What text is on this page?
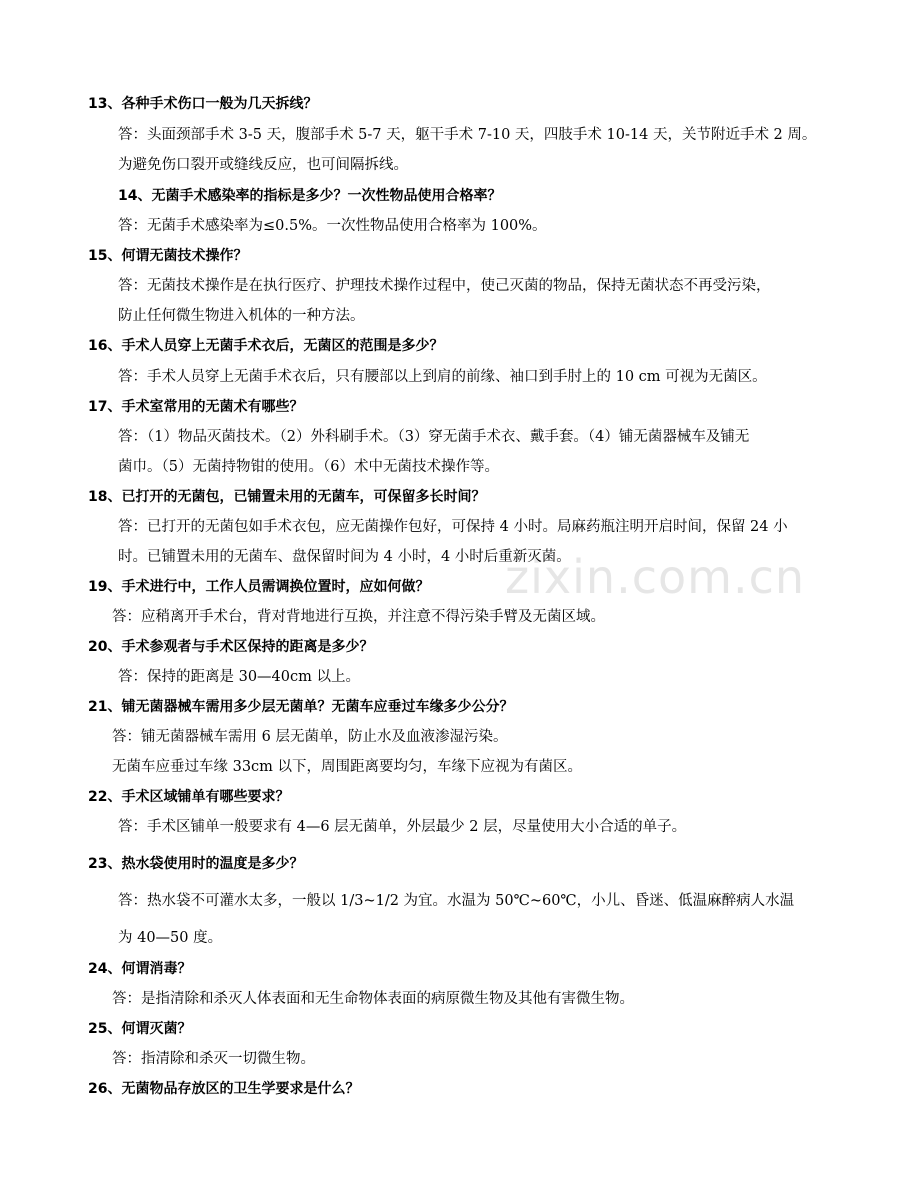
zixin.com.cn
13、各种手术伤口一般为几天拆线？
答：头面颈部手术 3-5 天，腹部手术 5-7 天，躯干手术 7-10 天，四肢手术 10-14 天，关节附近手术 2 周。
为避免伤口裂开或缝线反应，也可间隔拆线。
14、无菌手术感染率的指标是多少？一次性物品使用合格率？
答：无菌手术感染率为≤0.5%。一次性物品使用合格率为 100%。
15、何谓无菌技术操作？
答：无菌技术操作是在执行医疗、护理技术操作过程中，使己灭菌的物品，保持无菌状态不再受污染，
防止任何微生物进入机体的一种方法。
16、手术人员穿上无菌手术衣后，无菌区的范围是多少？
答：手术人员穿上无菌手术衣后，只有腰部以上到肩的前缘、袖口到手肘上的 10 cm 可视为无菌区。
17、手术室常用的无菌术有哪些？
答：（1）物品灭菌技术。（2）外科刷手术。（3）穿无菌手术衣、戴手套。（4）铺无菌器械车及铺无
菌巾。（5）无菌持物钳的使用。（6）术中无菌技术操作等。
18、已打开的无菌包，已铺置未用的无菌车，可保留多长时间？
答：已打开的无菌包如手术衣包，应无菌操作包好，可保持 4 小时。局麻药瓶注明开启时间，保留 24 小
时。已铺置未用的无菌车、盘保留时间为 4 小时，4 小时后重新灭菌。
19、手术进行中，工作人员需调换位置时，应如何做？
答：应稍离开手术台，背对背地进行互换，并注意不得污染手臂及无菌区域。
20、手术参观者与手术区保持的距离是多少？
答：保持的距离是 30—40cm 以上。
21、铺无菌器械车需用多少层无菌单？无菌车应垂过车缘多少公分？
答：铺无菌器械车需用 6 层无菌单，防止水及血液渗湿污染。
无菌车应垂过车缘 33cm 以下，周围距离要均匀，车缘下应视为有菌区。
22、手术区域铺单有哪些要求？
答：手术区铺单一般要求有 4—6 层无菌单，外层最少 2 层，尽量使用大小合适的单子。
23、热水袋使用时的温度是多少？
答：热水袋不可灌水太多，一般以 1/3~1/2 为宜。水温为 50℃~60℃，小儿、昏迷、低温麻醉病人水温
为 40—50 度。
24、何谓消毒？
答：是指清除和杀灭人体表面和无生命物体表面的病原微生物及其他有害微生物。
25、何谓灭菌？
答：指清除和杀灭一切微生物。
26、无菌物品存放区的卫生学要求是什么？
